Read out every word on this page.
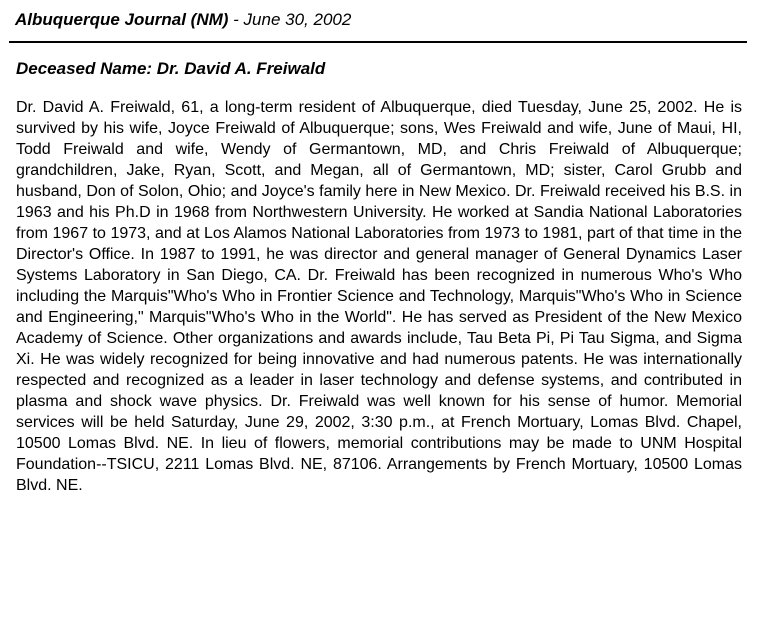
Albuquerque Journal (NM) - June 30, 2002
Deceased Name: Dr. David A. Freiwald

Dr. David A. Freiwald, 61, a long-term resident of Albuquerque, died Tuesday, June 25, 2002. He is survived by his wife, Joyce Freiwald of Albuquerque; sons, Wes Freiwald and wife, June of Maui, HI, Todd Freiwald and wife, Wendy of Germantown, MD, and Chris Freiwald of Albuquerque; grandchildren, Jake, Ryan, Scott, and Megan, all of Germantown, MD; sister, Carol Grubb and husband, Don of Solon, Ohio; and Joyce's family here in New Mexico. Dr. Freiwald received his B.S. in 1963 and his Ph.D in 1968 from Northwestern University. He worked at Sandia National Laboratories from 1967 to 1973, and at Los Alamos National Laboratories from 1973 to 1981, part of that time in the Director's Office. In 1987 to 1991, he was director and general manager of General Dynamics Laser Systems Laboratory in San Diego, CA. Dr. Freiwald has been recognized in numerous Who's Who including the Marquis"Who's Who in Frontier Science and Technology, Marquis"Who's Who in Science and Engineering," Marquis"Who's Who in the World". He has served as President of the New Mexico Academy of Science. Other organizations and awards include, Tau Beta Pi, Pi Tau Sigma, and Sigma Xi. He was widely recognized for being innovative and had numerous patents. He was internationally respected and recognized as a leader in laser technology and defense systems, and contributed in plasma and shock wave physics. Dr. Freiwald was well known for his sense of humor. Memorial services will be held Saturday, June 29, 2002, 3:30 p.m., at French Mortuary, Lomas Blvd. Chapel, 10500 Lomas Blvd. NE. In lieu of flowers, memorial contributions may be made to UNM Hospital Foundation--TSICU, 2211 Lomas Blvd. NE, 87106. Arrangements by French Mortuary, 10500 Lomas Blvd. NE.
